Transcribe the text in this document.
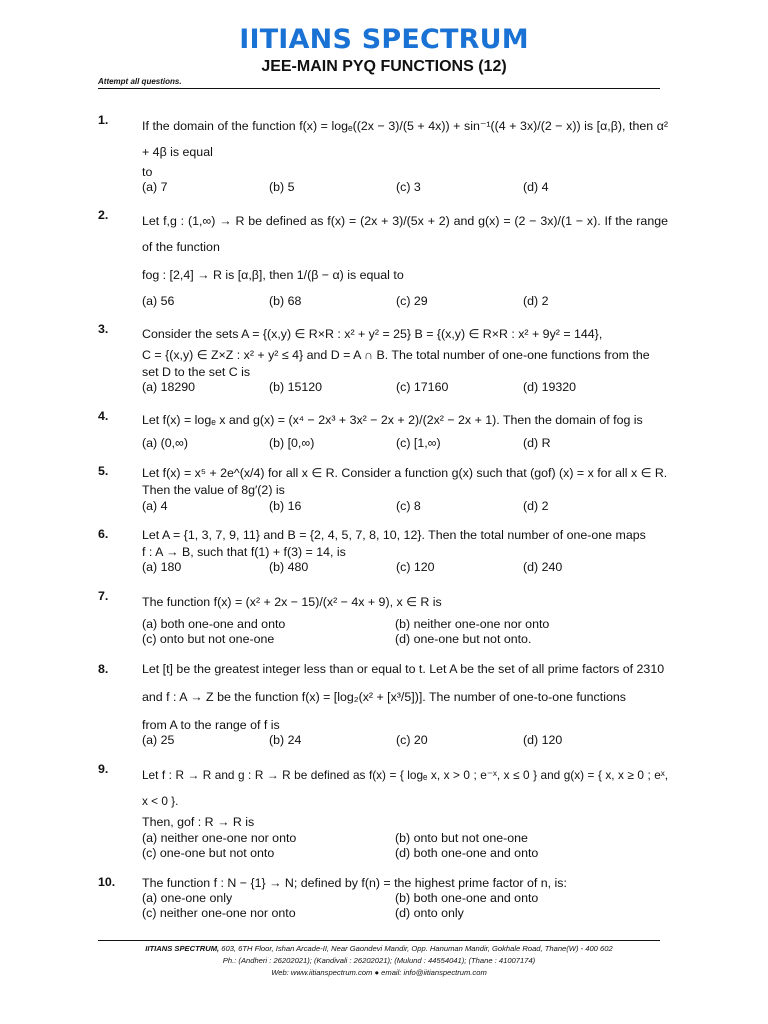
IITIANS SPECTRUM
JEE-MAIN PYQ FUNCTIONS (12)
Attempt all questions.
1.	If the domain of the function f(x) = logₑ((2x − 3)/(5 + 4x)) + sin⁻¹((4 + 3x)/(2 − x)) is [α,β), then α² + 4β is equal
to
(a) 7	(b) 5	(c) 3	(d) 4
2.	Let f,g : (1,∞) → R be defined as f(x) = (2x + 3)/(5x + 2) and g(x) = (2 − 3x)/(1 − x). If the range of the function
fog : [2,4] → R is [α,β], then 1/(β − α) is equal to
(a) 56	(b) 68	(c) 29	(d) 2
3.	Consider the sets A = {(x,y) ∈ R×R : x² + y² = 25} B = {(x,y) ∈ R×R : x² + 9y² = 144},
C = {(x,y) ∈ Z×Z : x² + y² ≤ 4} and D = A ∩ B. The total number of one-one functions from the
set D to the set C is
(a) 18290	(b) 15120	(c) 17160	(d) 19320
4.	Let f(x) = logₑ x and g(x) = (x⁴ − 2x³ + 3x² − 2x + 2)/(2x² − 2x + 1). Then the domain of fog is
(a) (0,∞)	(b) [0,∞)	(c) [1,∞)	(d) R
5.	Let f(x) = x⁵ + 2e^(x/4) for all x ∈ R. Consider a function g(x) such that (gof) (x) = x for all x ∈ R.
Then the value of 8g′(2) is
(a) 4	(b) 16	(c) 8	(d) 2
6.	Let A = {1, 3, 7, 9, 11} and B = {2, 4, 5, 7, 8, 10, 12}. Then the total number of one-one maps
f : A → B, such that f(1) + f(3) = 14, is
(a) 180	(b) 480	(c) 120	(d) 240
7.	The function f(x) = (x² + 2x − 15)/(x² − 4x + 9), x ∈ R is
(a) both one-one and onto	(b) neither one-one nor onto
(c) onto but not one-one	(d) one-one but not onto.
8.	Let [t] be the greatest integer less than or equal to t. Let A be the set of all prime factors of 2310
and f : A → Z be the function f(x) = [log₂(x² + [x³/5])]. The number of one-to-one functions
from A to the range of f is
(a) 25	(b) 24	(c) 20	(d) 120
9.	Let f : R → R and g : R → R be defined as f(x) = { logₑ x, x > 0 ; e⁻ˣ, x ≤ 0 } and g(x) = { x, x ≥ 0 ; eˣ, x < 0 }.
Then, gof : R → R is
(a) neither one-one nor onto	(b) onto but not one-one
(c) one-one but not onto	(d) both one-one and onto
10.	The function f : N − {1} → N; defined by f(n) = the highest prime factor of n, is:
(a) one-one only	(b) both one-one and onto
(c) neither one-one nor onto	(d) onto only
IITIANS SPECTRUM, 603, 6TH Floor, Ishan Arcade-II, Near Gaondevi Mandir, Opp. Hanuman Mandir, Gokhale Road, Thane(W) - 400 602
Ph.: (Andheri : 26202021); (Kandivali : 26202021); (Mulund : 44554041); (Thane : 41007174)
Web: www.iitianspectrum.com ● email: info@iitianspectrum.com
